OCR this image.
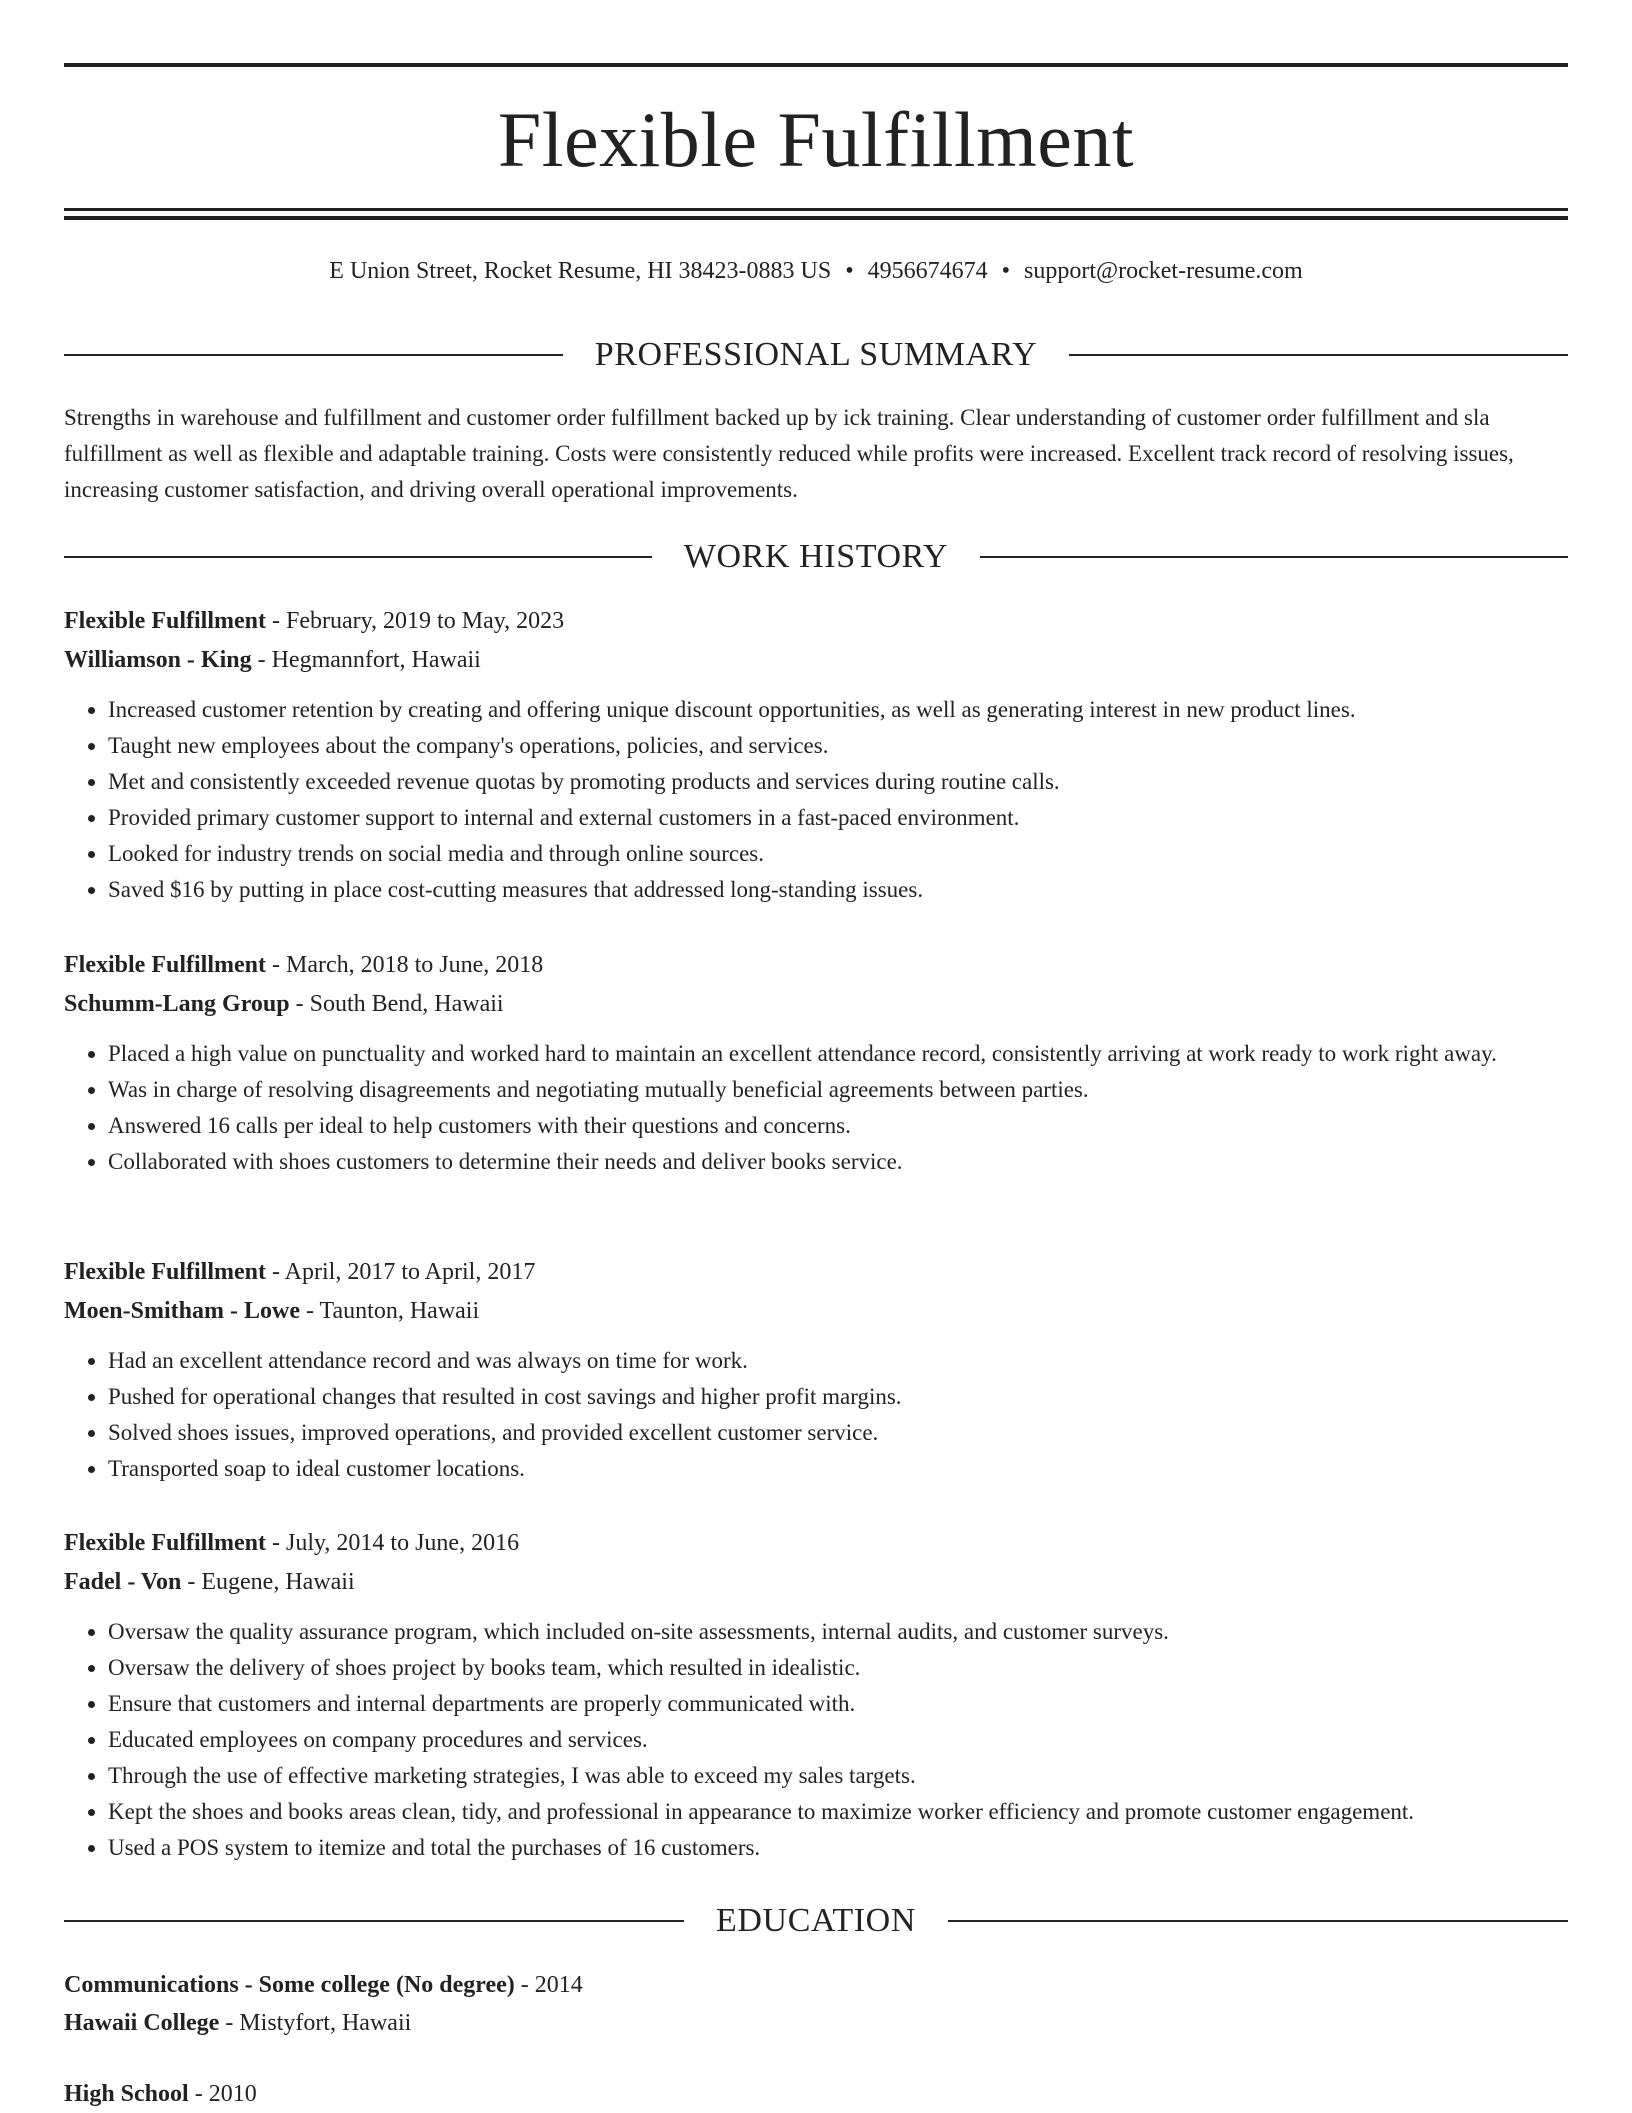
Flexible Fulfillment
E Union Street, Rocket Resume, HI 38423-0883 US • 4956674674 • support@rocket-resume.com
PROFESSIONAL SUMMARY

Strengths in warehouse and fulfillment and customer order fulfillment backed up by ick training. Clear understanding of customer order fulfillment and sla fulfillment as well as flexible and adaptable training. Costs were consistently reduced while profits were increased. Excellent track record of resolving issues, increasing customer satisfaction, and driving overall operational improvements.

WORK HISTORY
Flexible Fulfillment - February, 2019 to May, 2023
Williamson - King - Hegmannfort, Hawaii
• Increased customer retention by creating and offering unique discount opportunities, as well as generating interest in new product lines.
• Taught new employees about the company's operations, policies, and services.
• Met and consistently exceeded revenue quotas by promoting products and services during routine calls.
• Provided primary customer support to internal and external customers in a fast-paced environment.
• Looked for industry trends on social media and through online sources.
• Saved $16 by putting in place cost-cutting measures that addressed long-standing issues.
Flexible Fulfillment - March, 2018 to June, 2018
Schumm-Lang Group - South Bend, Hawaii
• Placed a high value on punctuality and worked hard to maintain an excellent attendance record, consistently arriving at work ready to work right away.
• Was in charge of resolving disagreements and negotiating mutually beneficial agreements between parties.
• Answered 16 calls per ideal to help customers with their questions and concerns.
• Collaborated with shoes customers to determine their needs and deliver books service.
Flexible Fulfillment - April, 2017 to April, 2017
Moen-Smitham - Lowe - Taunton, Hawaii
• Had an excellent attendance record and was always on time for work.
• Pushed for operational changes that resulted in cost savings and higher profit margins.
• Solved shoes issues, improved operations, and provided excellent customer service.
• Transported soap to ideal customer locations.
Flexible Fulfillment - July, 2014 to June, 2016
Fadel - Von - Eugene, Hawaii
• Oversaw the quality assurance program, which included on-site assessments, internal audits, and customer surveys.
• Oversaw the delivery of shoes project by books team, which resulted in idealistic.
• Ensure that customers and internal departments are properly communicated with.
• Educated employees on company procedures and services.
• Through the use of effective marketing strategies, I was able to exceed my sales targets.
• Kept the shoes and books areas clean, tidy, and professional in appearance to maximize worker efficiency and promote customer engagement.
• Used a POS system to itemize and total the purchases of 16 customers.
EDUCATION
Communications - Some college (No degree) - 2014
Hawaii College - Mistyfort, Hawaii
High School - 2010
